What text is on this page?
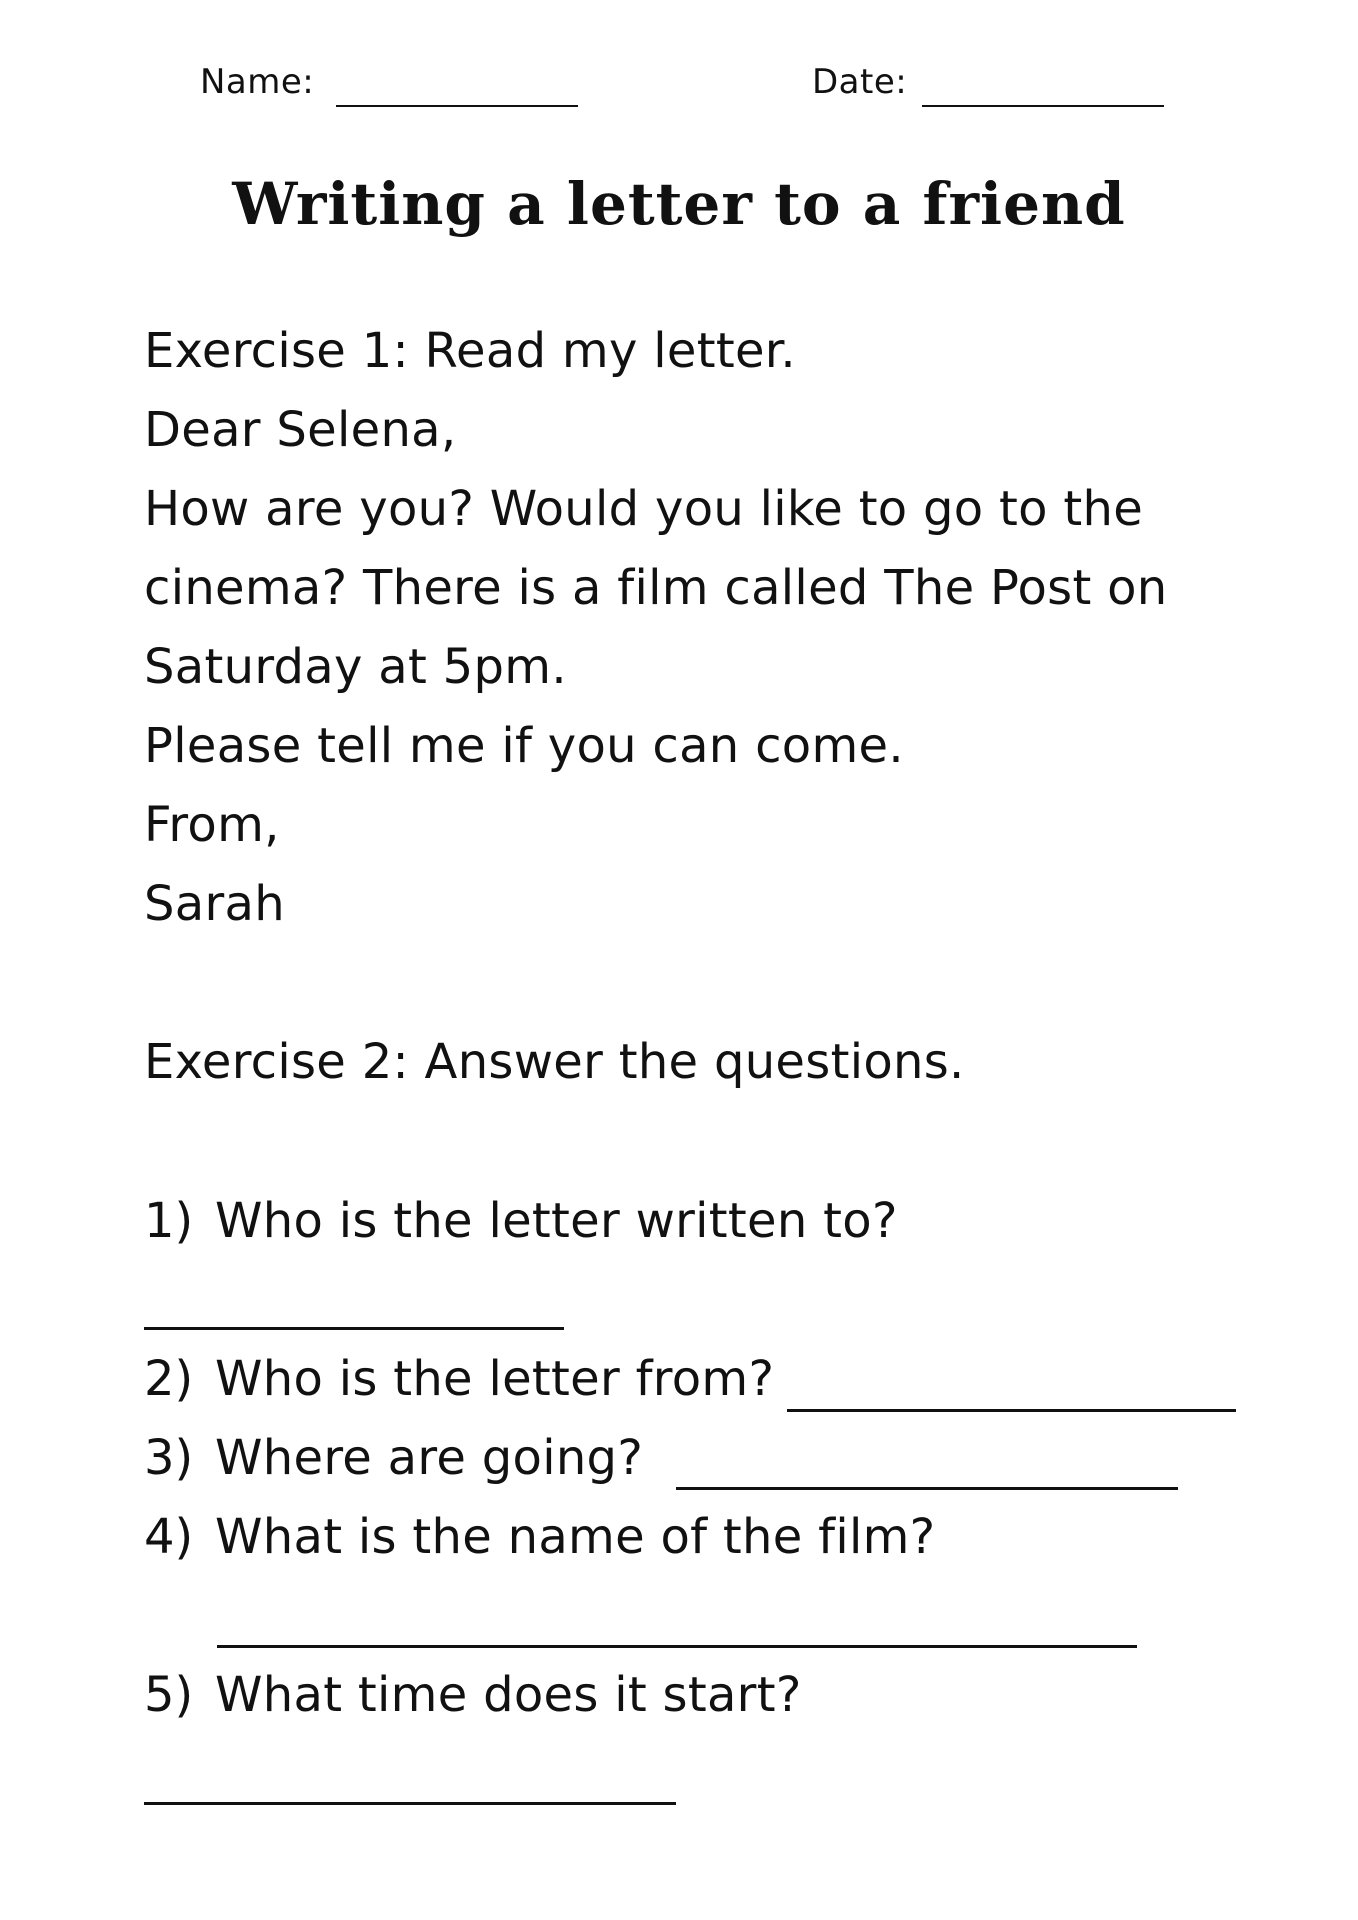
Name:	Date:
Writing a letter to a friend
Exercise 1: Read my letter.
Dear Selena,
How are you? Would you like to go to the
cinema? There is a film called The Post on
Saturday at 5pm.
Please tell me if you can come.
From,
Sarah
Exercise 2: Answer the questions.
1) Who is the letter written to?
2) Who is the letter from?
3) Where are going?
4) What is the name of the film?
5) What time does it start?
